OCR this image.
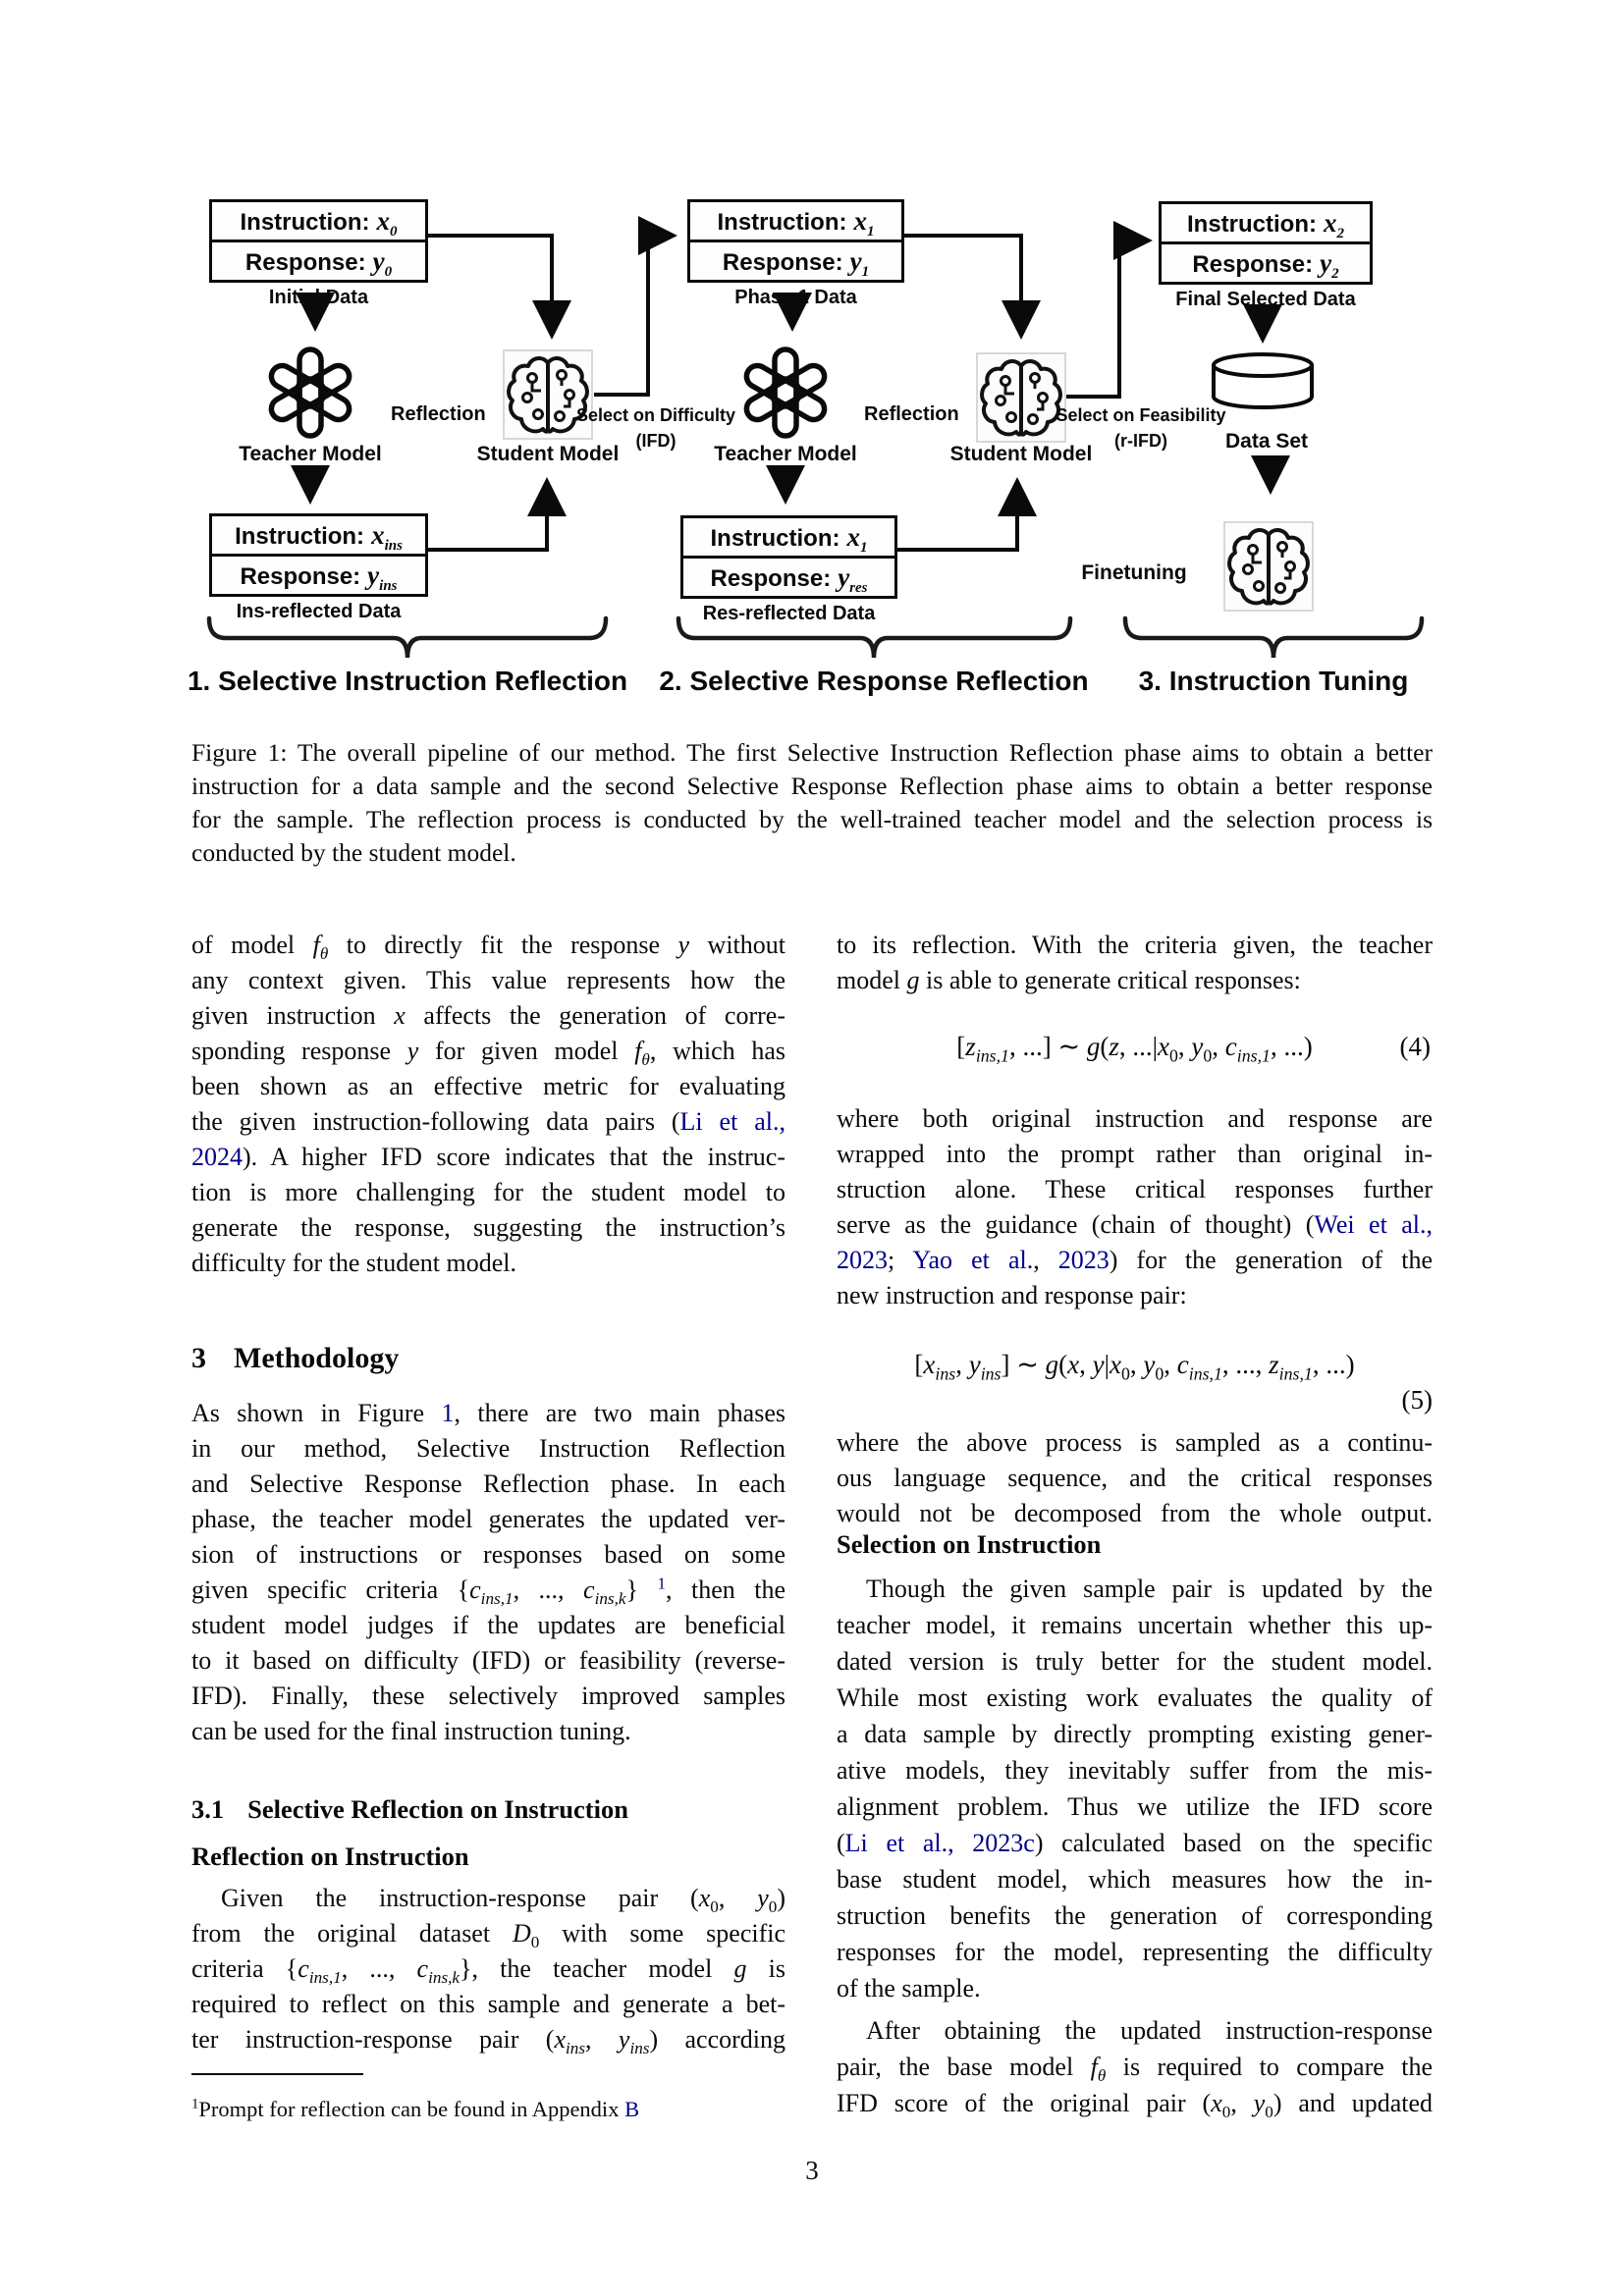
Instruction: $x_0$
Response: $y_0$
Initial Data
Instruction: $x_{ins}$
Response: $y_{ins}$
Ins-reflected Data
Instruction: $x_1$
Response: $y_1$
Phase 1 Data
Instruction: $x_1$
Response: $y_{res}$
Res-reflected Data
Instruction: $x_2$
Response: $y_2$
Final Selected Data
Teacher Model	Student Model	Teacher Model	Student Model
Reflection	Reflection
Select on Difficulty
(IFD)
Select on Feasibility
(r-IFD)	Data Set
Finetuning
1. Selective Instruction Reflection	2. Selective Response Reflection	3. Instruction Tuning
Figure 1: The overall pipeline of our method. The first Selective Instruction Reflection phase aims to obtain a better
instruction for a data sample and the second Selective Response Reflection phase aims to obtain a better response
for the sample. The reflection process is conducted by the well-trained teacher model and the selection process is
conducted by the student model.
of model $f_\theta$ to directly fit the response y without
any context given. This value represents how the
given instruction x affects the generation of corre-
sponding response y for given model $f_\theta$, which has
been shown as an effective metric for evaluating
the given instruction-following data pairs (Li et al.,
2024). A higher IFD score indicates that the instruc-
tion is more challenging for the student model to
generate the response, suggesting the instruction’s
difficulty for the student model.
3 Methodology
As shown in Figure 1, there are two main phases
in our method, Selective Instruction Reflection
and Selective Response Reflection phase. In each
phase, the teacher model generates the updated ver-
sion of instructions or responses based on some
given specific criteria {$c_{ins,1}$, ..., $c_{ins,k}$} $^1$, then the
student model judges if the updates are beneficial
to it based on difficulty (IFD) or feasibility (reverse-
IFD). Finally, these selectively improved samples
can be used for the final instruction tuning.
3.1 Selective Reflection on Instruction
Reflection on Instruction
Given the instruction-response pair ($x_0$, $y_0$)
from the original dataset $D_0$ with some specific
criteria {$c_{ins,1}$, ..., $c_{ins,k}$}, the teacher model g is
required to reflect on this sample and generate a bet-
ter instruction-response pair ($x_{ins}$, $y_{ins}$) according
$^1$Prompt for reflection can be found in Appendix B
to its reflection. With the criteria given, the teacher
model g is able to generate critical responses:
[$z_{ins,1}$, ...] ∼ g(z, $...|x_0$, $y_0$, $c_{ins,1}$, ...)	(4)
where both original instruction and response are
wrapped into the prompt rather than original in-
struction alone. These critical responses further
serve as the guidance (chain of thought) (Wei et al.,
2023; Yao et al., 2023) for the generation of the
new instruction and response pair:
[$x_{ins}$, $y_{ins}$] ∼ g(x, $y|x_0$, $y_0$, $c_{ins,1}$, ..., $z_{ins,1}$, ...)
(5)
where the above process is sampled as a continu-
ous language sequence, and the critical responses
would not be decomposed from the whole output.
Selection on Instruction
Though the given sample pair is updated by the
teacher model, it remains uncertain whether this up-
dated version is truly better for the student model.
While most existing work evaluates the quality of
a data sample by directly prompting existing gener-
ative models, they inevitably suffer from the mis-
alignment problem. Thus we utilize the IFD score
(Li et al., 2023c) calculated based on the specific
base student model, which measures how the in-
struction benefits the generation of corresponding
responses for the model, representing the difficulty
of the sample.
After obtaining the updated instruction-response
pair, the base model $f_\theta$ is required to compare the
IFD score of the original pair ($x_0$, $y_0$) and updated
3
